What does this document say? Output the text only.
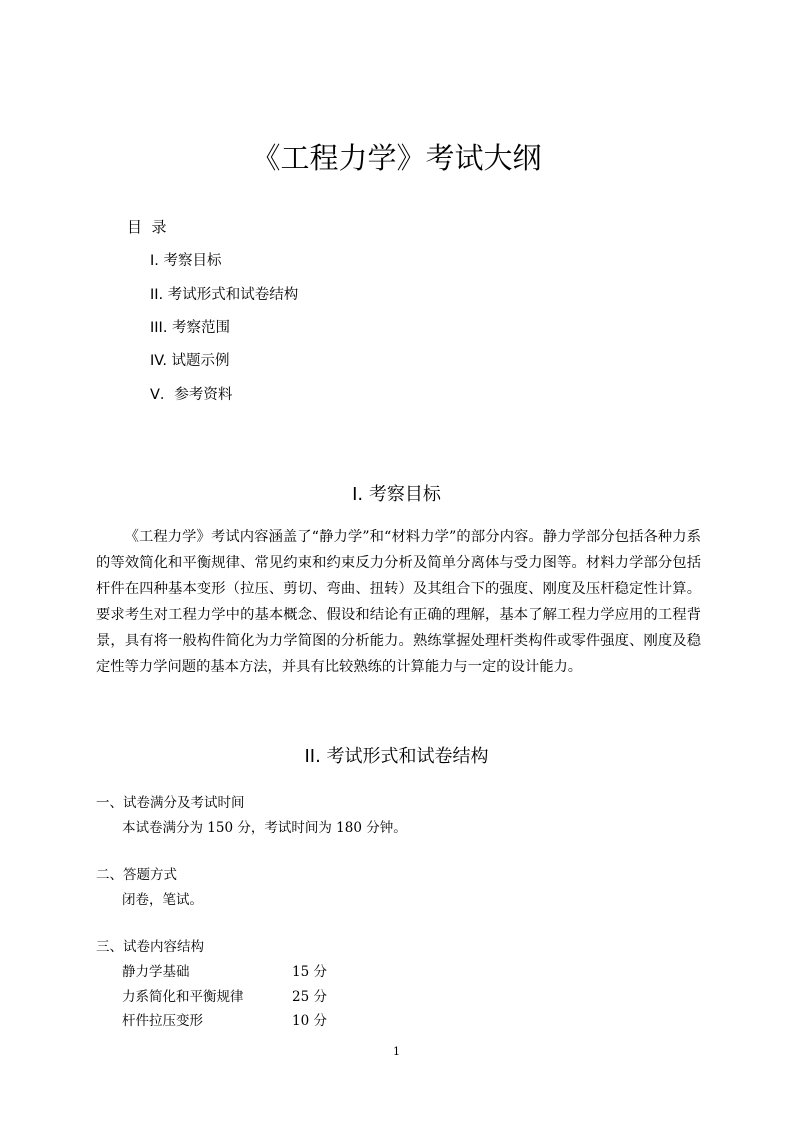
《工程力学》考试大纲
目  录
I. 考察目标
II. 考试形式和试卷结构
III. 考察范围
IV. 试题示例
V．参考资料
I. 考察目标
《工程力学》考试内容涵盖了“静力学”和“材料力学”的部分内容。静力学部分包括各种力系的等效简化和平衡规律、常见约束和约束反力分析及简单分离体与受力图等。材料力学部分包括杆件在四种基本变形（拉压、剪切、弯曲、扭转）及其组合下的强度、刚度及压杆稳定性计算。要求考生对工程力学中的基本概念、假设和结论有正确的理解，基本了解工程力学应用的工程背景，具有将一般构件简化为力学简图的分析能力。熟练掌握处理杆类构件或零件强度、刚度及稳定性等力学问题的基本方法，并具有比较熟练的计算能力与一定的设计能力。
II. 考试形式和试卷结构
一、试卷满分及考试时间
本试卷满分为 150 分，考试时间为 180 分钟。
二、答题方式
闭卷，笔试。
三、试卷内容结构
静力学基础	15 分
力系简化和平衡规律	25 分
杆件拉压变形	10 分
1
